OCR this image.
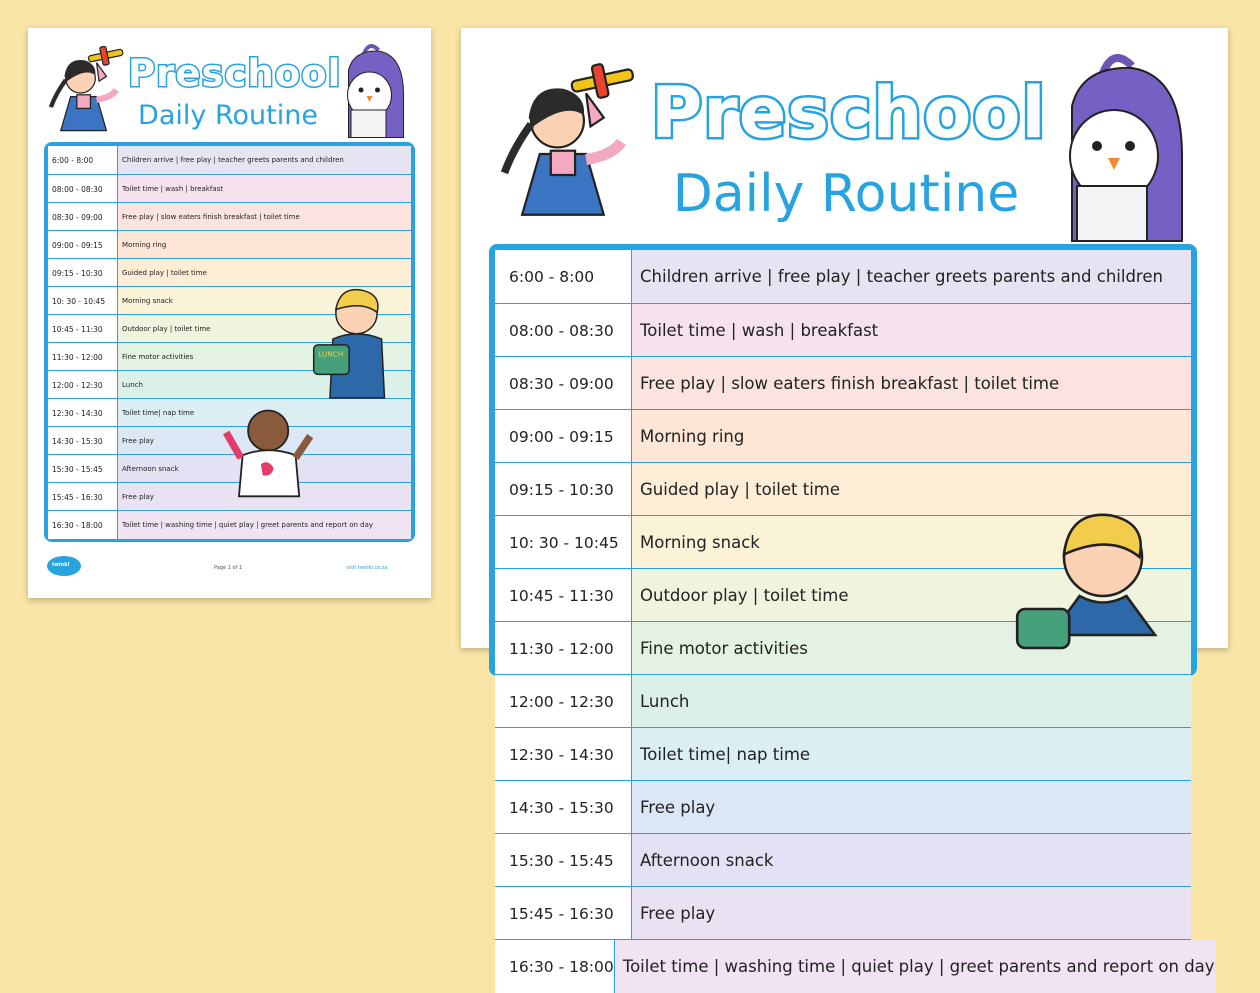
Preschool
Daily Routine
6:00 - 8:00	Children arrive | free play | teacher greets parents and children
08:00 - 08:30	Toilet time | wash | breakfast
08:30 - 09:00	Free play | slow eaters finish breakfast | toilet time
09:00 - 09:15	Morning ring
09:15 - 10:30	Guided play | toilet time
10: 30 - 10:45	Morning snack
10:45 - 11:30	Outdoor play | toilet time
11:30 - 12:00	Fine motor activities
12:00 - 12:30	Lunch
12:30 - 14:30	Toilet time| nap time
14:30 - 15:30	Free play
15:30 - 15:45	Afternoon snack
15:45 - 16:30	Free play
16:30 - 18:00	Toilet time | washing time | quiet play | greet parents and report on day
twinkl	Page 1 of 1	visit twinkl.co.za
Preschool
Daily Routine
6:00 - 8:00	Children arrive | free play | teacher greets parents and children
08:00 - 08:30	Toilet time | wash | breakfast
08:30 - 09:00	Free play | slow eaters finish breakfast | toilet time
09:00 - 09:15	Morning ring
09:15 - 10:30	Guided play | toilet time
10: 30 - 10:45	Morning snack
10:45 - 11:30	Outdoor play | toilet time
11:30 - 12:00	Fine motor activities
12:00 - 12:30	Lunch
12:30 - 14:30	Toilet time| nap time
14:30 - 15:30	Free play
15:30 - 15:45	Afternoon snack
15:45 - 16:30	Free play
16:30 - 18:00 Toilet time | washing time | quiet play | greet parents and report on day
LUNCH
